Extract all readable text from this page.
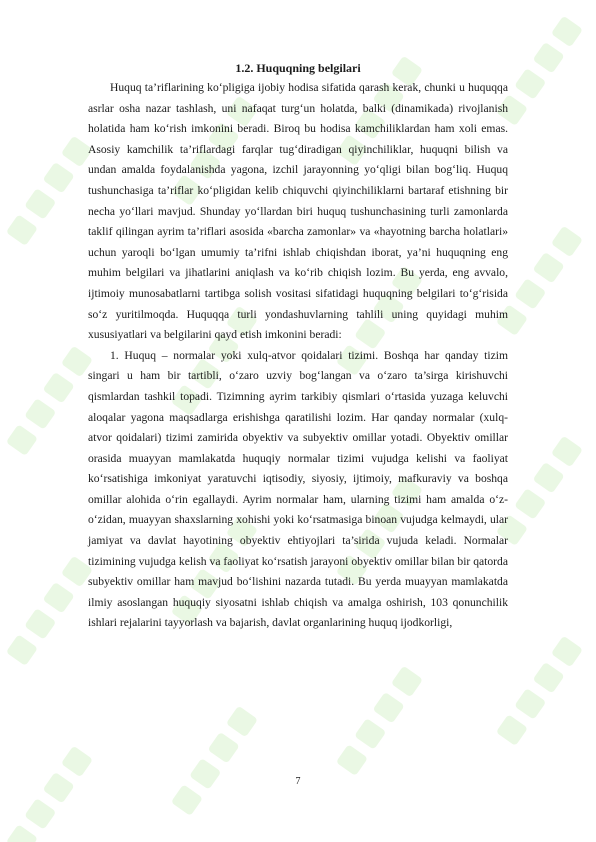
1.2. Huquqning belgilari

Huquq ta’riflarining ko‘pligiga ijobiy hodisa sifatida qarash kerak, chunki u huquqqa asrlar osha nazar tashlash, uni nafaqat turg‘un holatda, balki (dinamikada) rivojlanish holatida ham ko‘rish imkonini beradi. Biroq bu hodisa kamchiliklardan ham xoli emas. Asosiy kamchilik ta’riflardagi farqlar tug‘diradigan qiyinchiliklar, huquqni bilish va undan amalda foydalanishda yagona, izchil jarayonning yo‘qligi bilan bog‘liq. Huquq tushunchasiga ta’riflar ko‘pligidan kelib chiquvchi qiyinchiliklarni bartaraf etishning bir necha yo‘llari mavjud. Shunday yo‘llardan biri huquq tushunchasining turli zamonlarda taklif qilingan ayrim ta’riflari asosida «barcha zamonlar» va «hayotning barcha holatlari» uchun yaroqli bo‘lgan umumiy ta’rifni ishlab chiqishdan iborat, ya’ni huquqning eng muhim belgilari va jihatlarini aniqlash va ko‘rib chiqish lozim. Bu yerda, eng avvalo, ijtimoiy munosabatlarni tartibga solish vositasi sifatidagi huquqning belgilari to‘g‘risida so‘z yuritilmoqda. Huquqqa turli yondashuvlarning tahlili uning quyidagi muhim xususiyatlari va belgilarini qayd etish imkonini beradi:

1. Huquq – normalar yoki xulq-atvor qoidalari tizimi. Boshqa har qanday tizim singari u ham bir tartibli, o‘zaro uzviy bog‘langan va o‘zaro ta’sirga kirishuvchi qismlardan tashkil topadi. Tizimning ayrim tarkibiy qismlari o‘rtasida yuzaga keluvchi aloqalar yagona maqsadlarga erishishga qaratilishi lozim. Har qanday normalar (xulq-atvor qoidalari) tizimi zamirida obyektiv va subyektiv omillar yotadi. Obyektiv omillar orasida muayyan mamlakatda huquqiy normalar tizimi vujudga kelishi va faoliyat ko‘rsatishiga imkoniyat yaratuvchi iqtisodiy, siyosiy, ijtimoiy, mafkuraviy va boshqa omillar alohida o‘rin egallaydi. Ayrim normalar ham, ularning tizimi ham amalda o‘z-o‘zidan, muayyan shaxslarning xohishi yoki ko‘rsatmasiga binoan vujudga kelmaydi, ular jamiyat va davlat hayotining obyektiv ehtiyojlari ta’sirida vujuda keladi. Normalar tizimining vujudga kelish va faoliyat ko‘rsatish jarayoni obyektiv omillar bilan bir qatorda subyektiv omillar ham mavjud bo‘lishini nazarda tutadi. Bu yerda muayyan mamlakatda ilmiy asoslangan huquqiy siyosatni ishlab chiqish va amalga oshirish, 103 qonunchilik ishlari rejalarini tayyorlash va bajarish, davlat organlarining huquq ijodkorligi,

7
